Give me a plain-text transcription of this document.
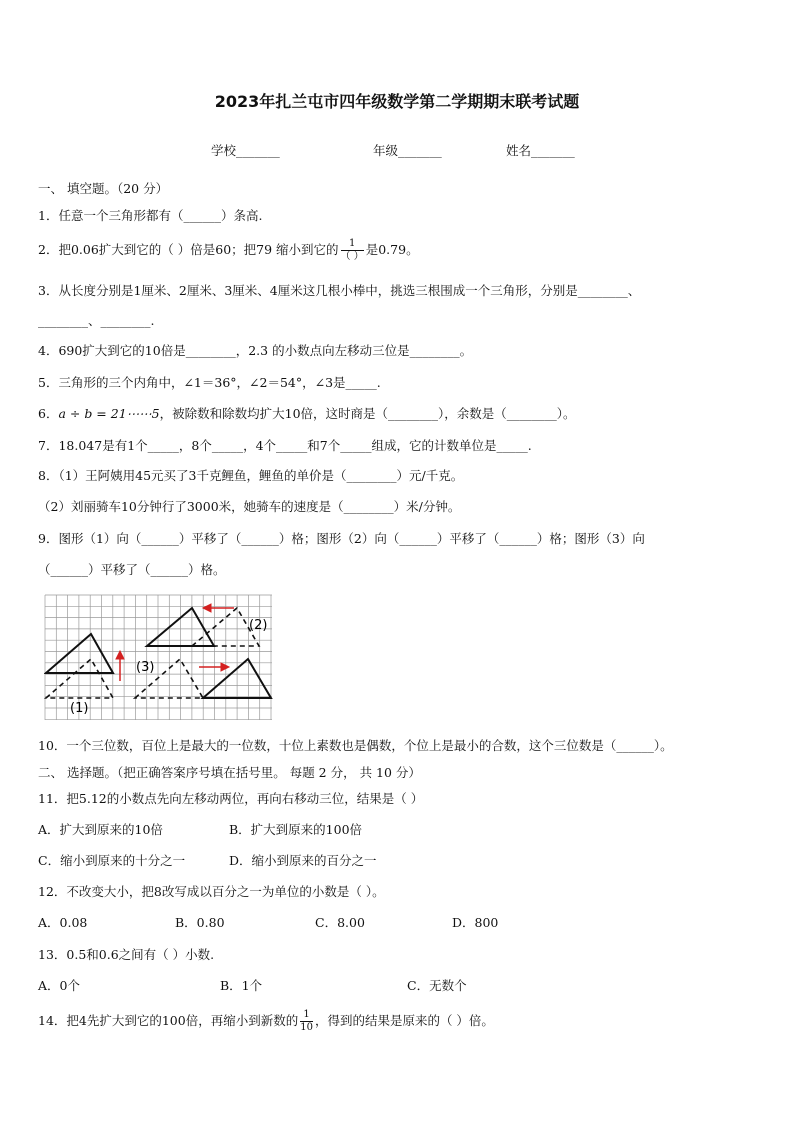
2023年扎兰屯市四年级数学第二学期期末联考试题
学校_______	年级_______	姓名_______
一、 填空题。（20 分）
1．任意一个三角形都有（______）条高.
2．把0.06扩大到它的（ ）倍是60；把79 缩小到它的 $\frac{1}{( )}$ 是0.79。
3．从长度分别是1厘米、2厘米、3厘米、4厘米这几根小棒中，挑选三根围成一个三角形，分别是________、
________、________.
4．690扩大到它的10倍是________，2.3 的小数点向左移动三位是________。
5．三角形的三个内角中，∠1＝36°，∠2＝54°，∠3是_____.
6．a ÷ b = 21⋯⋯5，被除数和除数均扩大10倍，这时商是（________），余数是（________）。
7．18.047是有1个_____，8个_____，4个_____和7个_____组成，它的计数单位是_____.
8．（1）王阿姨用45元买了3千克鲤鱼，鲤鱼的单价是（________）元/千克。
（2）刘丽骑车10分钟行了3000米，她骑车的速度是（________）米/分钟。
9．图形（1）向（______）平移了（______）格；图形（2）向（______）平移了（______）格；图形（3）向
（______）平移了（______）格。
(1)
(2)
(3)
10．一个三位数，百位上是最大的一位数，十位上素数也是偶数，个位上是最小的合数，这个三位数是（______）。
二、 选择题。（把正确答案序号填在括号里。 每题 2 分， 共 10 分）
11．把5.12的小数点先向左移动两位，再向右移动三位，结果是（ ）
A．扩大到原来的10倍	B．扩大到原来的100倍
C．缩小到原来的十分之一	D．缩小到原来的百分之一
12．不改变大小，把8改写成以百分之一为单位的小数是（ ）。
A．0.08	B．0.80	C．8.00	D．800
13．0.5和0.6之间有（ ）小数.
A．0个	B．1个	C．无数个
14．把4先扩大到它的100倍，再缩小到新数的 $\frac{1}{10}$ ，得到的结果是原来的（ ）倍。
